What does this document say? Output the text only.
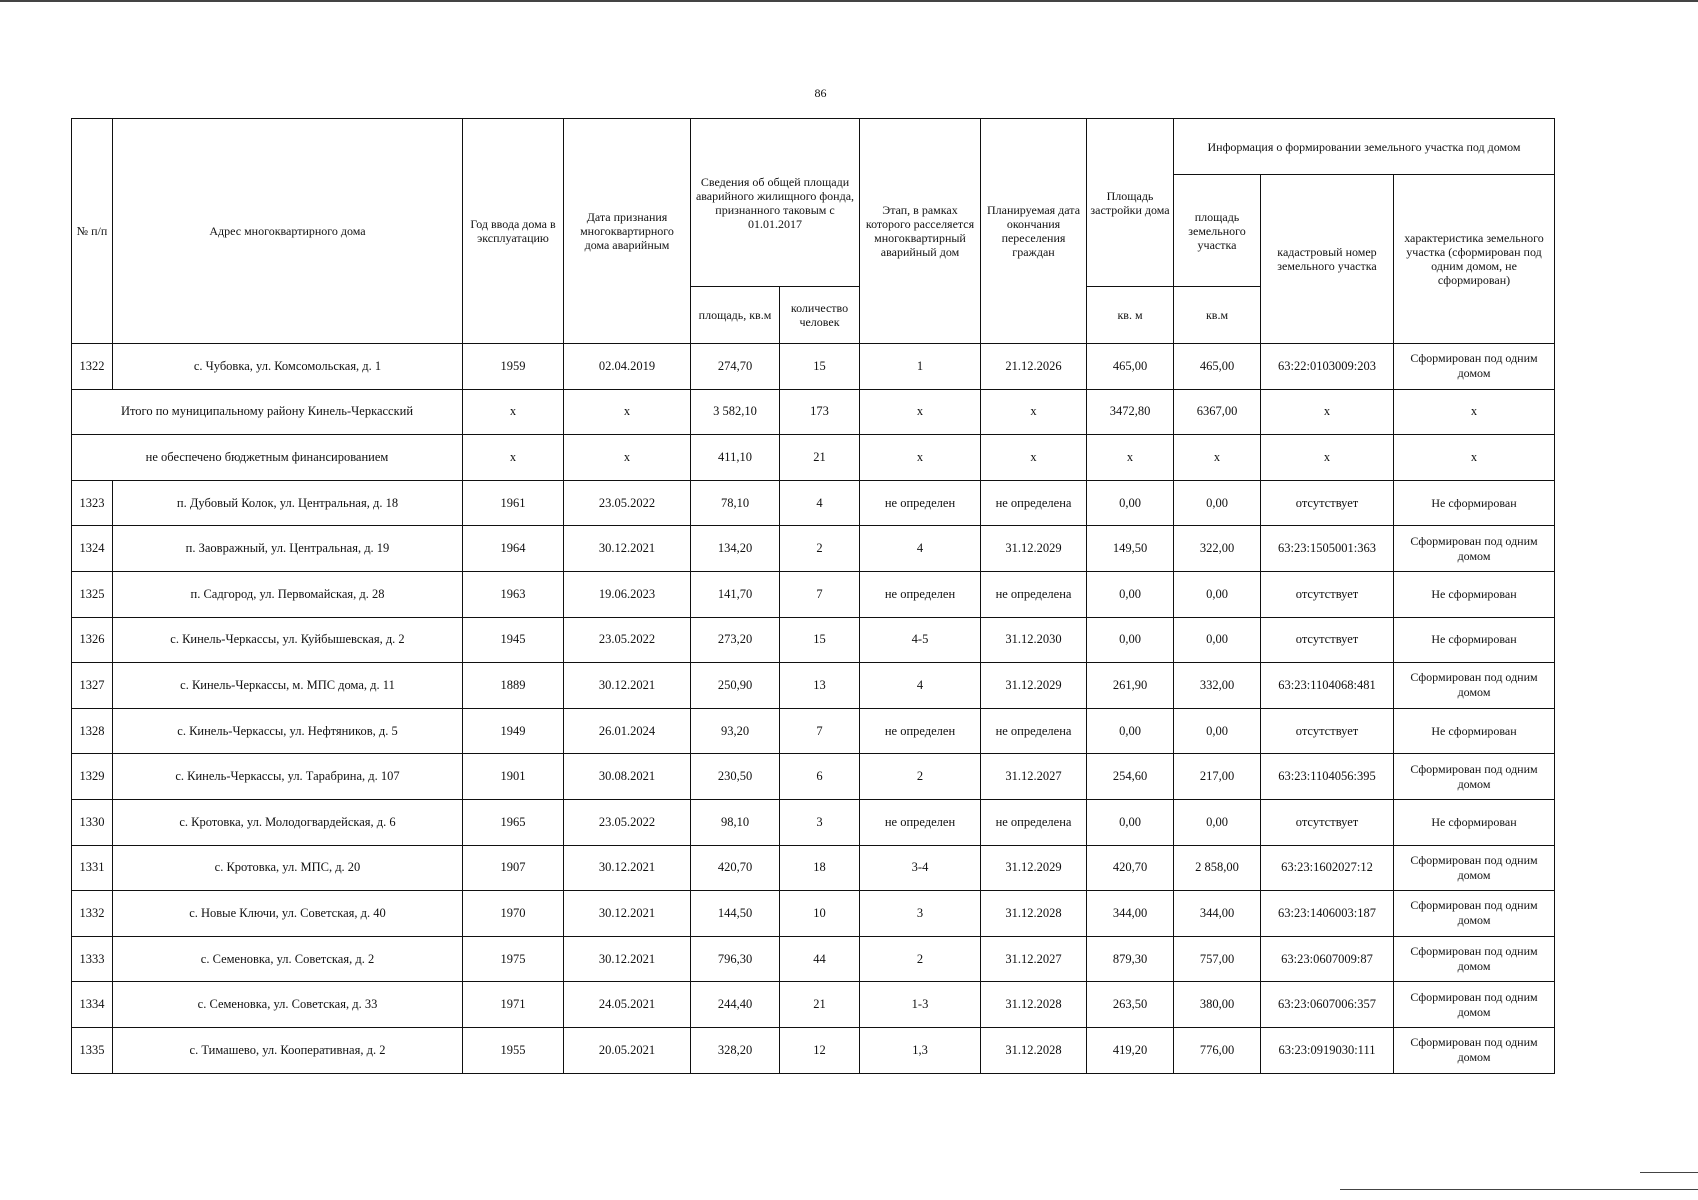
86
№ п/п	Адрес многоквартирного дома	Год ввода дома в эксплуатацию	Дата признания многоквартирного дома аварийным	Сведения об общей площади аварийного жилищного фонда, признанного таковым с 01.01.2017		Этап, в рамках которого расселяется многоквартирный аварийный дом	Планируемая дата окончания переселения граждан	Площадь застройки дома	Информация о формировании земельного участка под домом		
									площадь земельного участка	кадастровый номер земельного участка	характеристика земельного участка (сформирован под одним домом, не сформирован)
				площадь, кв.м	количество человек			кв. м	кв.м		
1322	с. Чубовка, ул. Комсомольская, д. 1	1959	02.04.2019	274,70	15	1	21.12.2026	465,00	465,00	63:22:0103009:203	Сформирован под одним домом
Итого по муниципальному району Кинель-Черкасский		x	x	3 582,10	173	x	x	3472,80	6367,00	x	x
не обеспечено бюджетным финансированием		x	x	411,10	21	x	x	x	x	x	x
1323	п. Дубовый Колок, ул. Центральная, д. 18	1961	23.05.2022	78,10	4	не определен	не определена	0,00	0,00	отсутствует	Не сформирован
1324	п. Заовражный, ул. Центральная, д. 19	1964	30.12.2021	134,20	2	4	31.12.2029	149,50	322,00	63:23:1505001:363	Сформирован под одним домом
1325	п. Садгород, ул. Первомайская, д. 28	1963	19.06.2023	141,70	7	не определен	не определена	0,00	0,00	отсутствует	Не сформирован
1326	с. Кинель-Черкассы, ул. Куйбышевская, д. 2	1945	23.05.2022	273,20	15	4-5	31.12.2030	0,00	0,00	отсутствует	Не сформирован
1327	с. Кинель-Черкассы, м. МПС дома, д. 11	1889	30.12.2021	250,90	13	4	31.12.2029	261,90	332,00	63:23:1104068:481	Сформирован под одним домом
1328	с. Кинель-Черкассы, ул. Нефтяников, д. 5	1949	26.01.2024	93,20	7	не определен	не определена	0,00	0,00	отсутствует	Не сформирован
1329	с. Кинель-Черкассы, ул. Тарабрина, д. 107	1901	30.08.2021	230,50	6	2	31.12.2027	254,60	217,00	63:23:1104056:395	Сформирован под одним домом
1330	с. Кротовка, ул. Молодогвардейская, д. 6	1965	23.05.2022	98,10	3	не определен	не определена	0,00	0,00	отсутствует	Не сформирован
1331	с. Кротовка, ул. МПС, д. 20	1907	30.12.2021	420,70	18	3-4	31.12.2029	420,70	2 858,00	63:23:1602027:12	Сформирован под одним домом
1332	с. Новые Ключи, ул. Советская, д. 40	1970	30.12.2021	144,50	10	3	31.12.2028	344,00	344,00	63:23:1406003:187	Сформирован под одним домом
1333	с. Семеновка, ул. Советская, д. 2	1975	30.12.2021	796,30	44	2	31.12.2027	879,30	757,00	63:23:0607009:87	Сформирован под одним домом
1334	с. Семеновка, ул. Советская, д. 33	1971	24.05.2021	244,40	21	1-3	31.12.2028	263,50	380,00	63:23:0607006:357	Сформирован под одним домом
1335	с. Тимашево, ул. Кооперативная, д. 2	1955	20.05.2021	328,20	12	1,3	31.12.2028	419,20	776,00	63:23:0919030:111	Сформирован под одним домом
